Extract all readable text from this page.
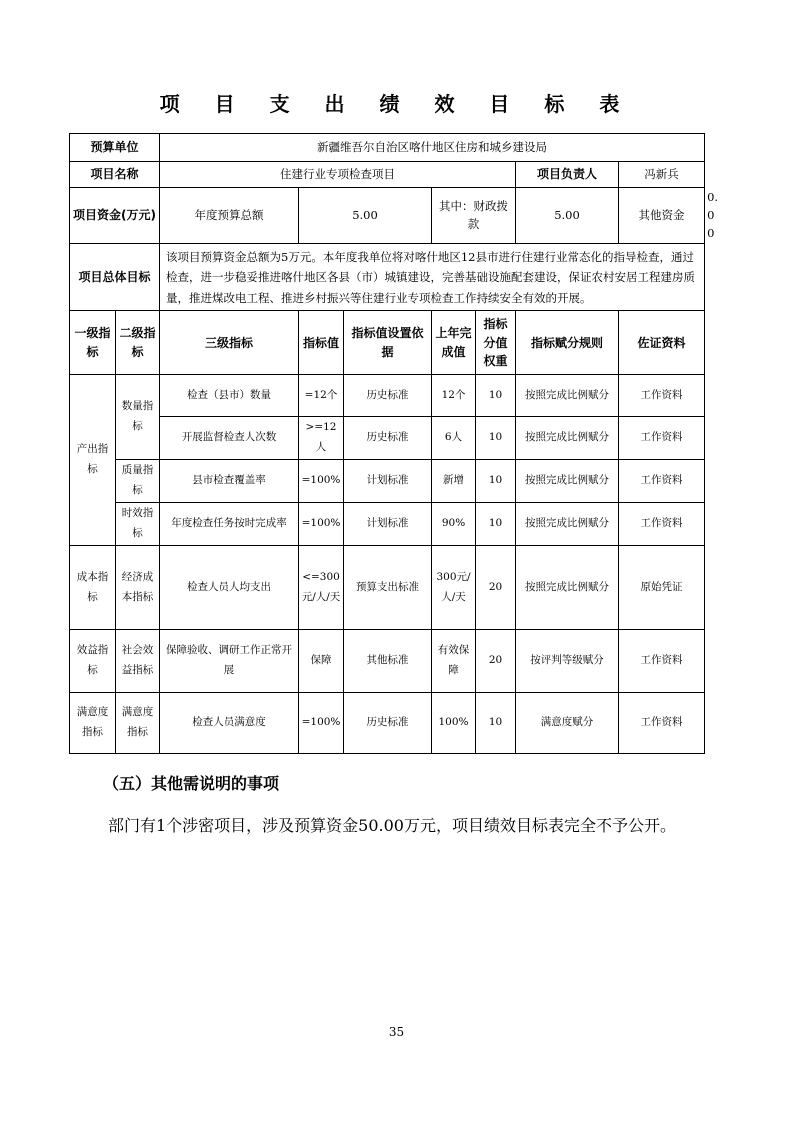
项 目 支 出 绩 效 目 标 表
预算单位		新疆维吾尔自治区喀什地区住房和城乡建设局							
项目名称		住建行业专项检查项目					项目负责人	冯新兵	
项目资金(万元)		年度预算总额	5.00		其中：财政拨款		5.00	其他资金	0.00
项目总体目标		该项目预算资金总额为5万元。本年度我单位将对喀什地区12县市进行住建行业常态化的指导检查，通过检查，进一步稳妥推进喀什地区各县（市）城镇建设，完善基础设施配套建设，保证农村安居工程建房质量，推进煤改电工程、推进乡村振兴等住建行业专项检查工作持续安全有效的开展。							
一级指标	二级指标	三级指标	指标值	指标值设置依据	上年完成值	指标分值权重	指标赋分规则	佐证资料	
产出指标	数量指标	检查（县市）数量	=12个	历史标准	12个	10	按照完成比例赋分	工作资料	
		开展监督检查人次数	>=12人	历史标准	6人	10	按照完成比例赋分	工作资料	
	质量指标	县市检查覆盖率	=100%	计划标准	新增	10	按照完成比例赋分	工作资料	
	时效指标	年度检查任务按时完成率	=100%	计划标准	90%	10	按照完成比例赋分	工作资料	
成本指标	经济成本指标	检查人员人均支出	<=300元/人/天	预算支出标准	300元/人/天	20	按照完成比例赋分	原始凭证	
效益指标	社会效益指标	保障验收、调研工作正常开展	保障	其他标准	有效保障	20	按评判等级赋分	工作资料	
满意度指标	满意度指标	检查人员满意度	=100%	历史标准	100%	10	满意度赋分	工作资料	
（五）其他需说明的事项
部门有1个涉密项目，涉及预算资金50.00万元，项目绩效目标表完全不予公开。
35
